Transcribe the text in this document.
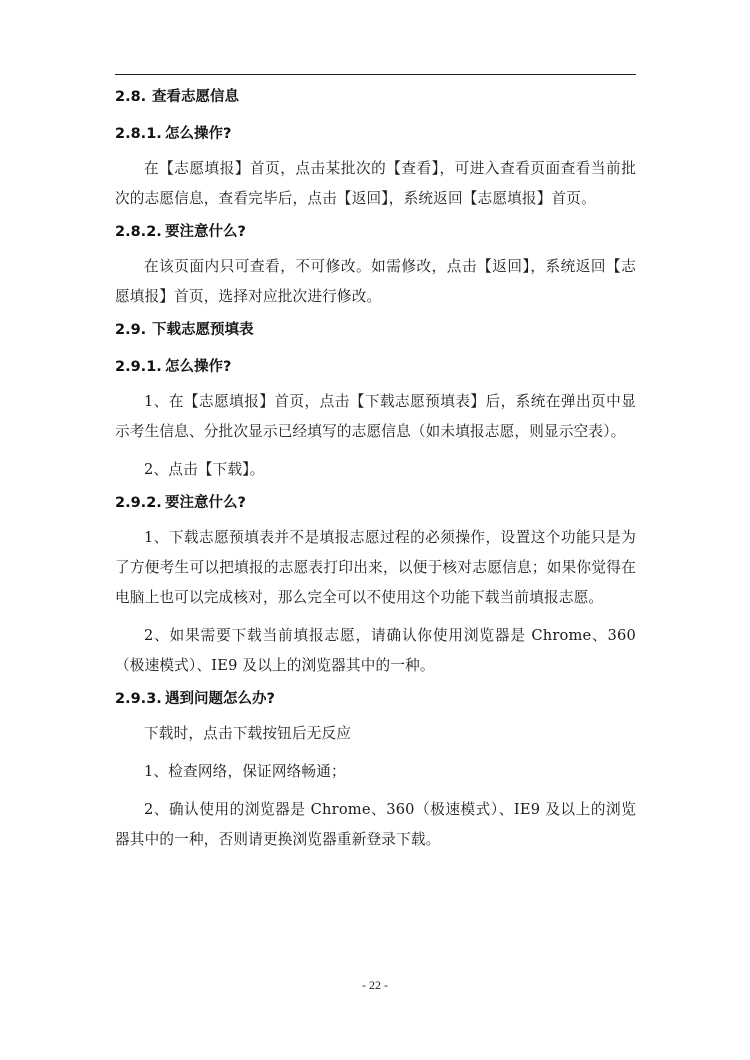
2.8. 查看志愿信息
2.8.1. 怎么操作?

在【志愿填报】首页，点击某批次的【查看】，可进入查看页面查看当前批次的志愿信息，查看完毕后，点击【返回】，系统返回【志愿填报】首页。

2.8.2. 要注意什么?

在该页面内只可查看，不可修改。如需修改，点击【返回】，系统返回【志愿填报】首页，选择对应批次进行修改。

2.9. 下载志愿预填表
2.9.1. 怎么操作?

1、在【志愿填报】首页，点击【下载志愿预填表】后，系统在弹出页中显示考生信息、分批次显示已经填写的志愿信息（如未填报志愿，则显示空表）。

2、点击【下载】。

2.9.2. 要注意什么?

1、下载志愿预填表并不是填报志愿过程的必须操作，设置这个功能只是为了方便考生可以把填报的志愿表打印出来，以便于核对志愿信息；如果你觉得在电脑上也可以完成核对，那么完全可以不使用这个功能下载当前填报志愿。

2、如果需要下载当前填报志愿，请确认你使用浏览器是 Chrome、360（极速模式）、IE9 及以上的浏览器其中的一种。

2.9.3. 遇到问题怎么办?

下载时，点击下载按钮后无反应

1、检查网络，保证网络畅通；

2、确认使用的浏览器是 Chrome、360（极速模式）、IE9 及以上的浏览器其中的一种，否则请更换浏览器重新登录下载。

- 22 -
